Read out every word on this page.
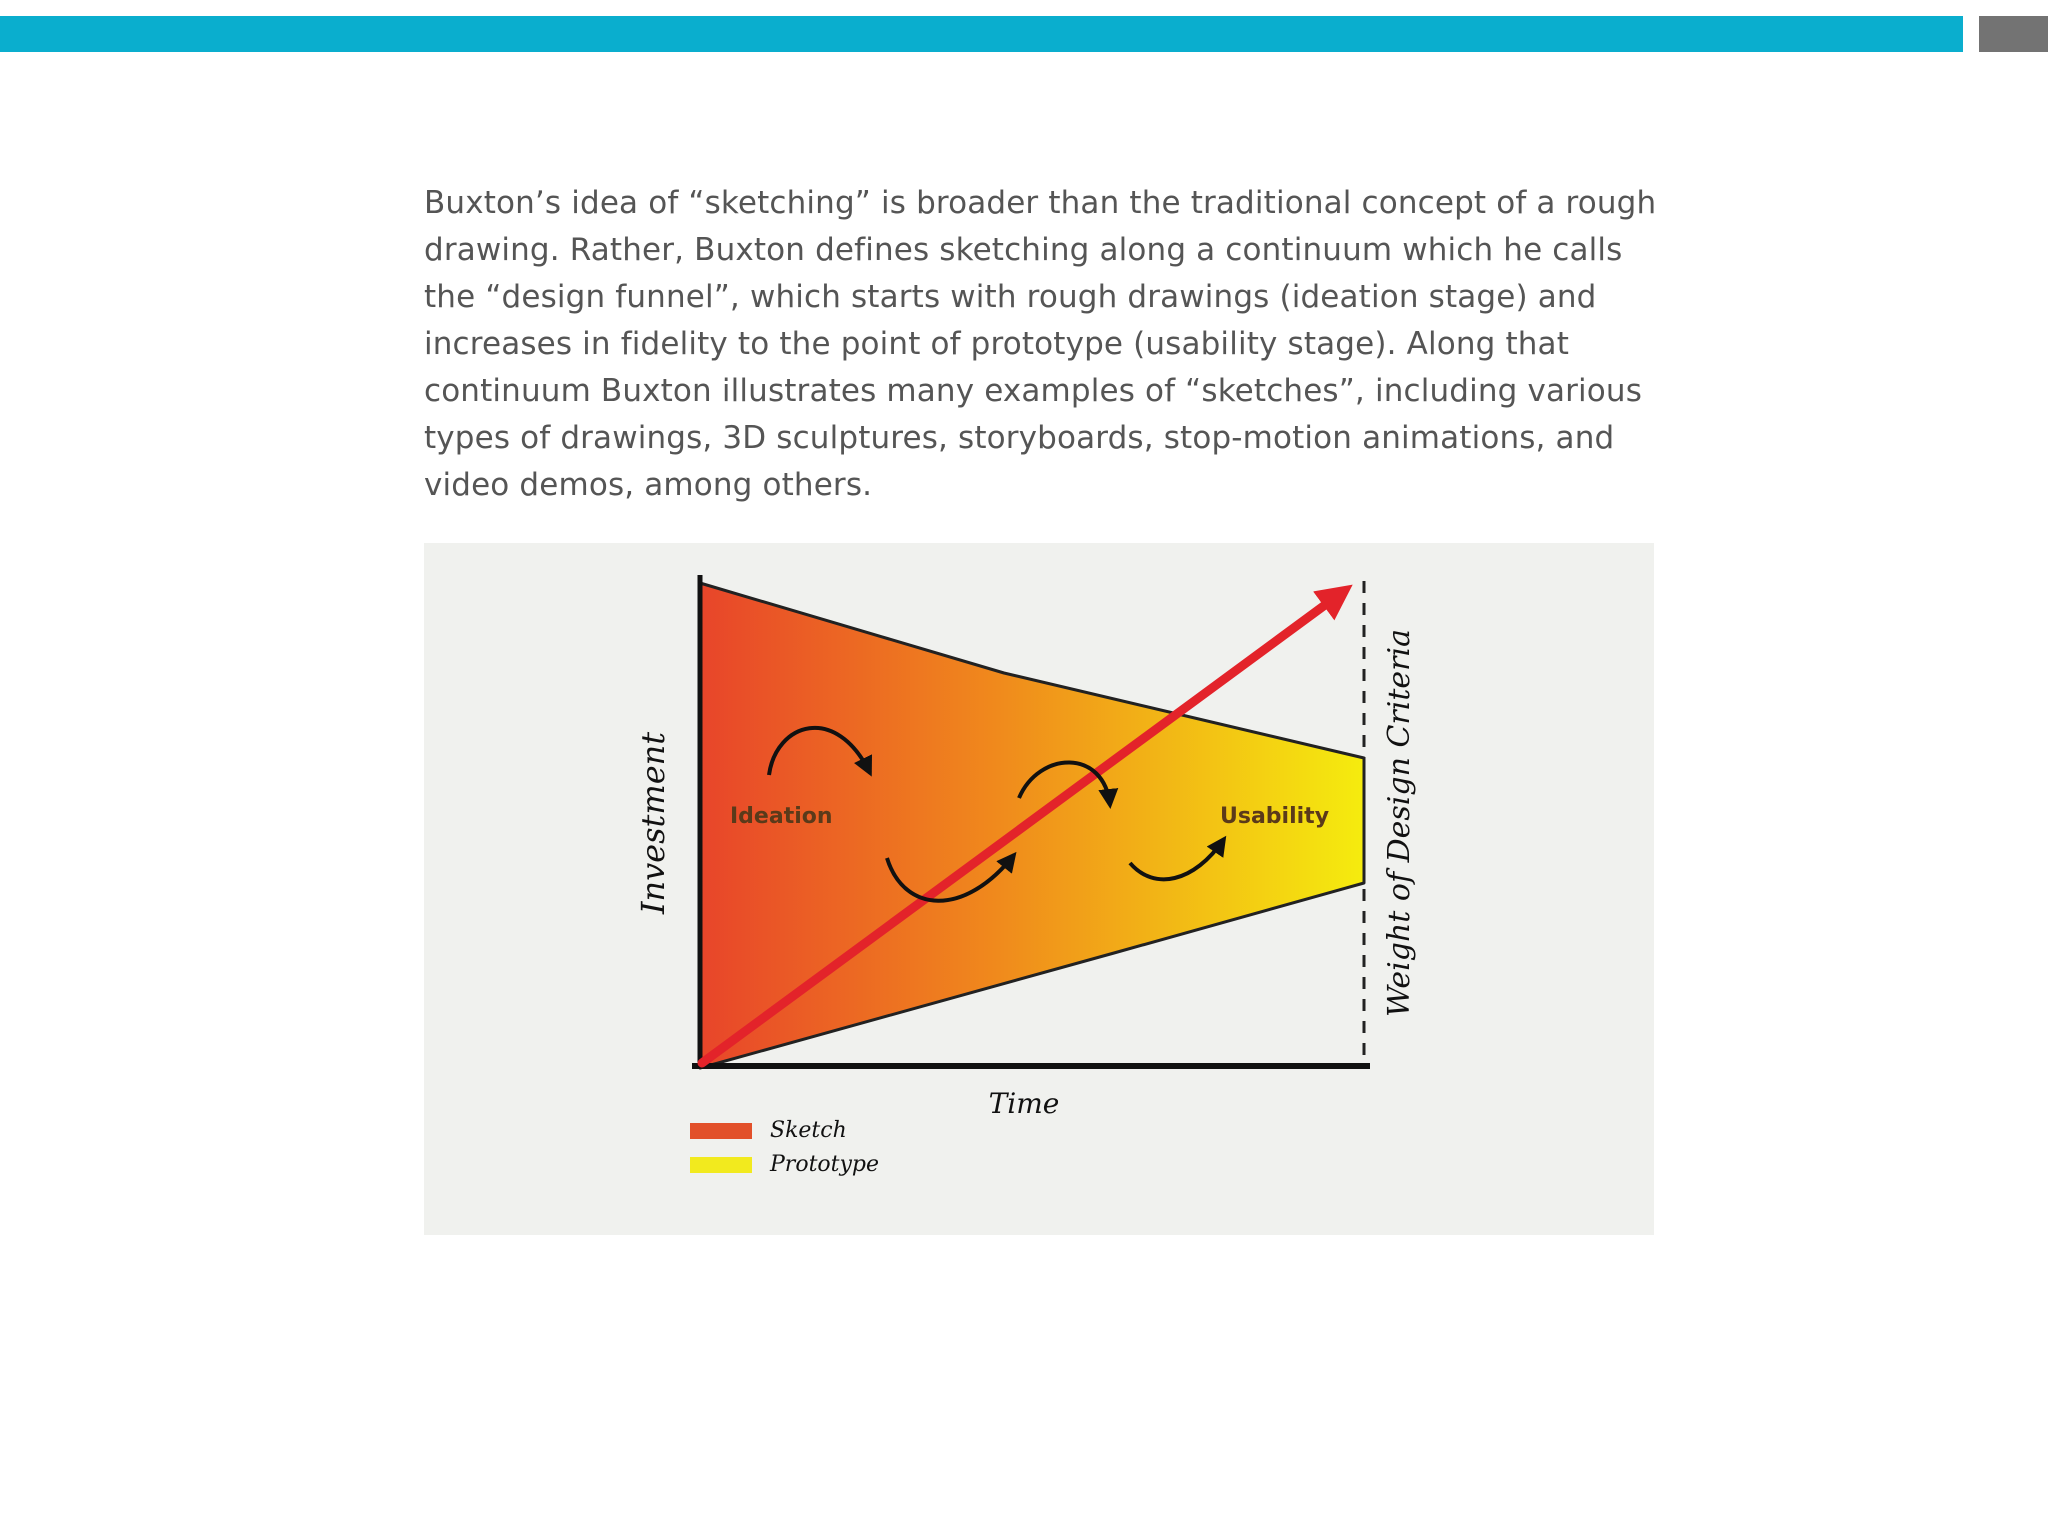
Buxton’s idea of “sketching” is broader than the traditional concept of a rough
drawing. Rather, Buxton defines sketching along a continuum which he calls
the “design funnel”, which starts with rough drawings (ideation stage) and
increases in fidelity to the point of prototype (usability stage). Along that
continuum Buxton illustrates many examples of “sketches”, including various
types of drawings, 3D sculptures, storyboards, stop-motion animations, and
video demos, among others.

Ideation	Usability
Investment	Weight of Design Criteria
Time
Sketch
Prototype
